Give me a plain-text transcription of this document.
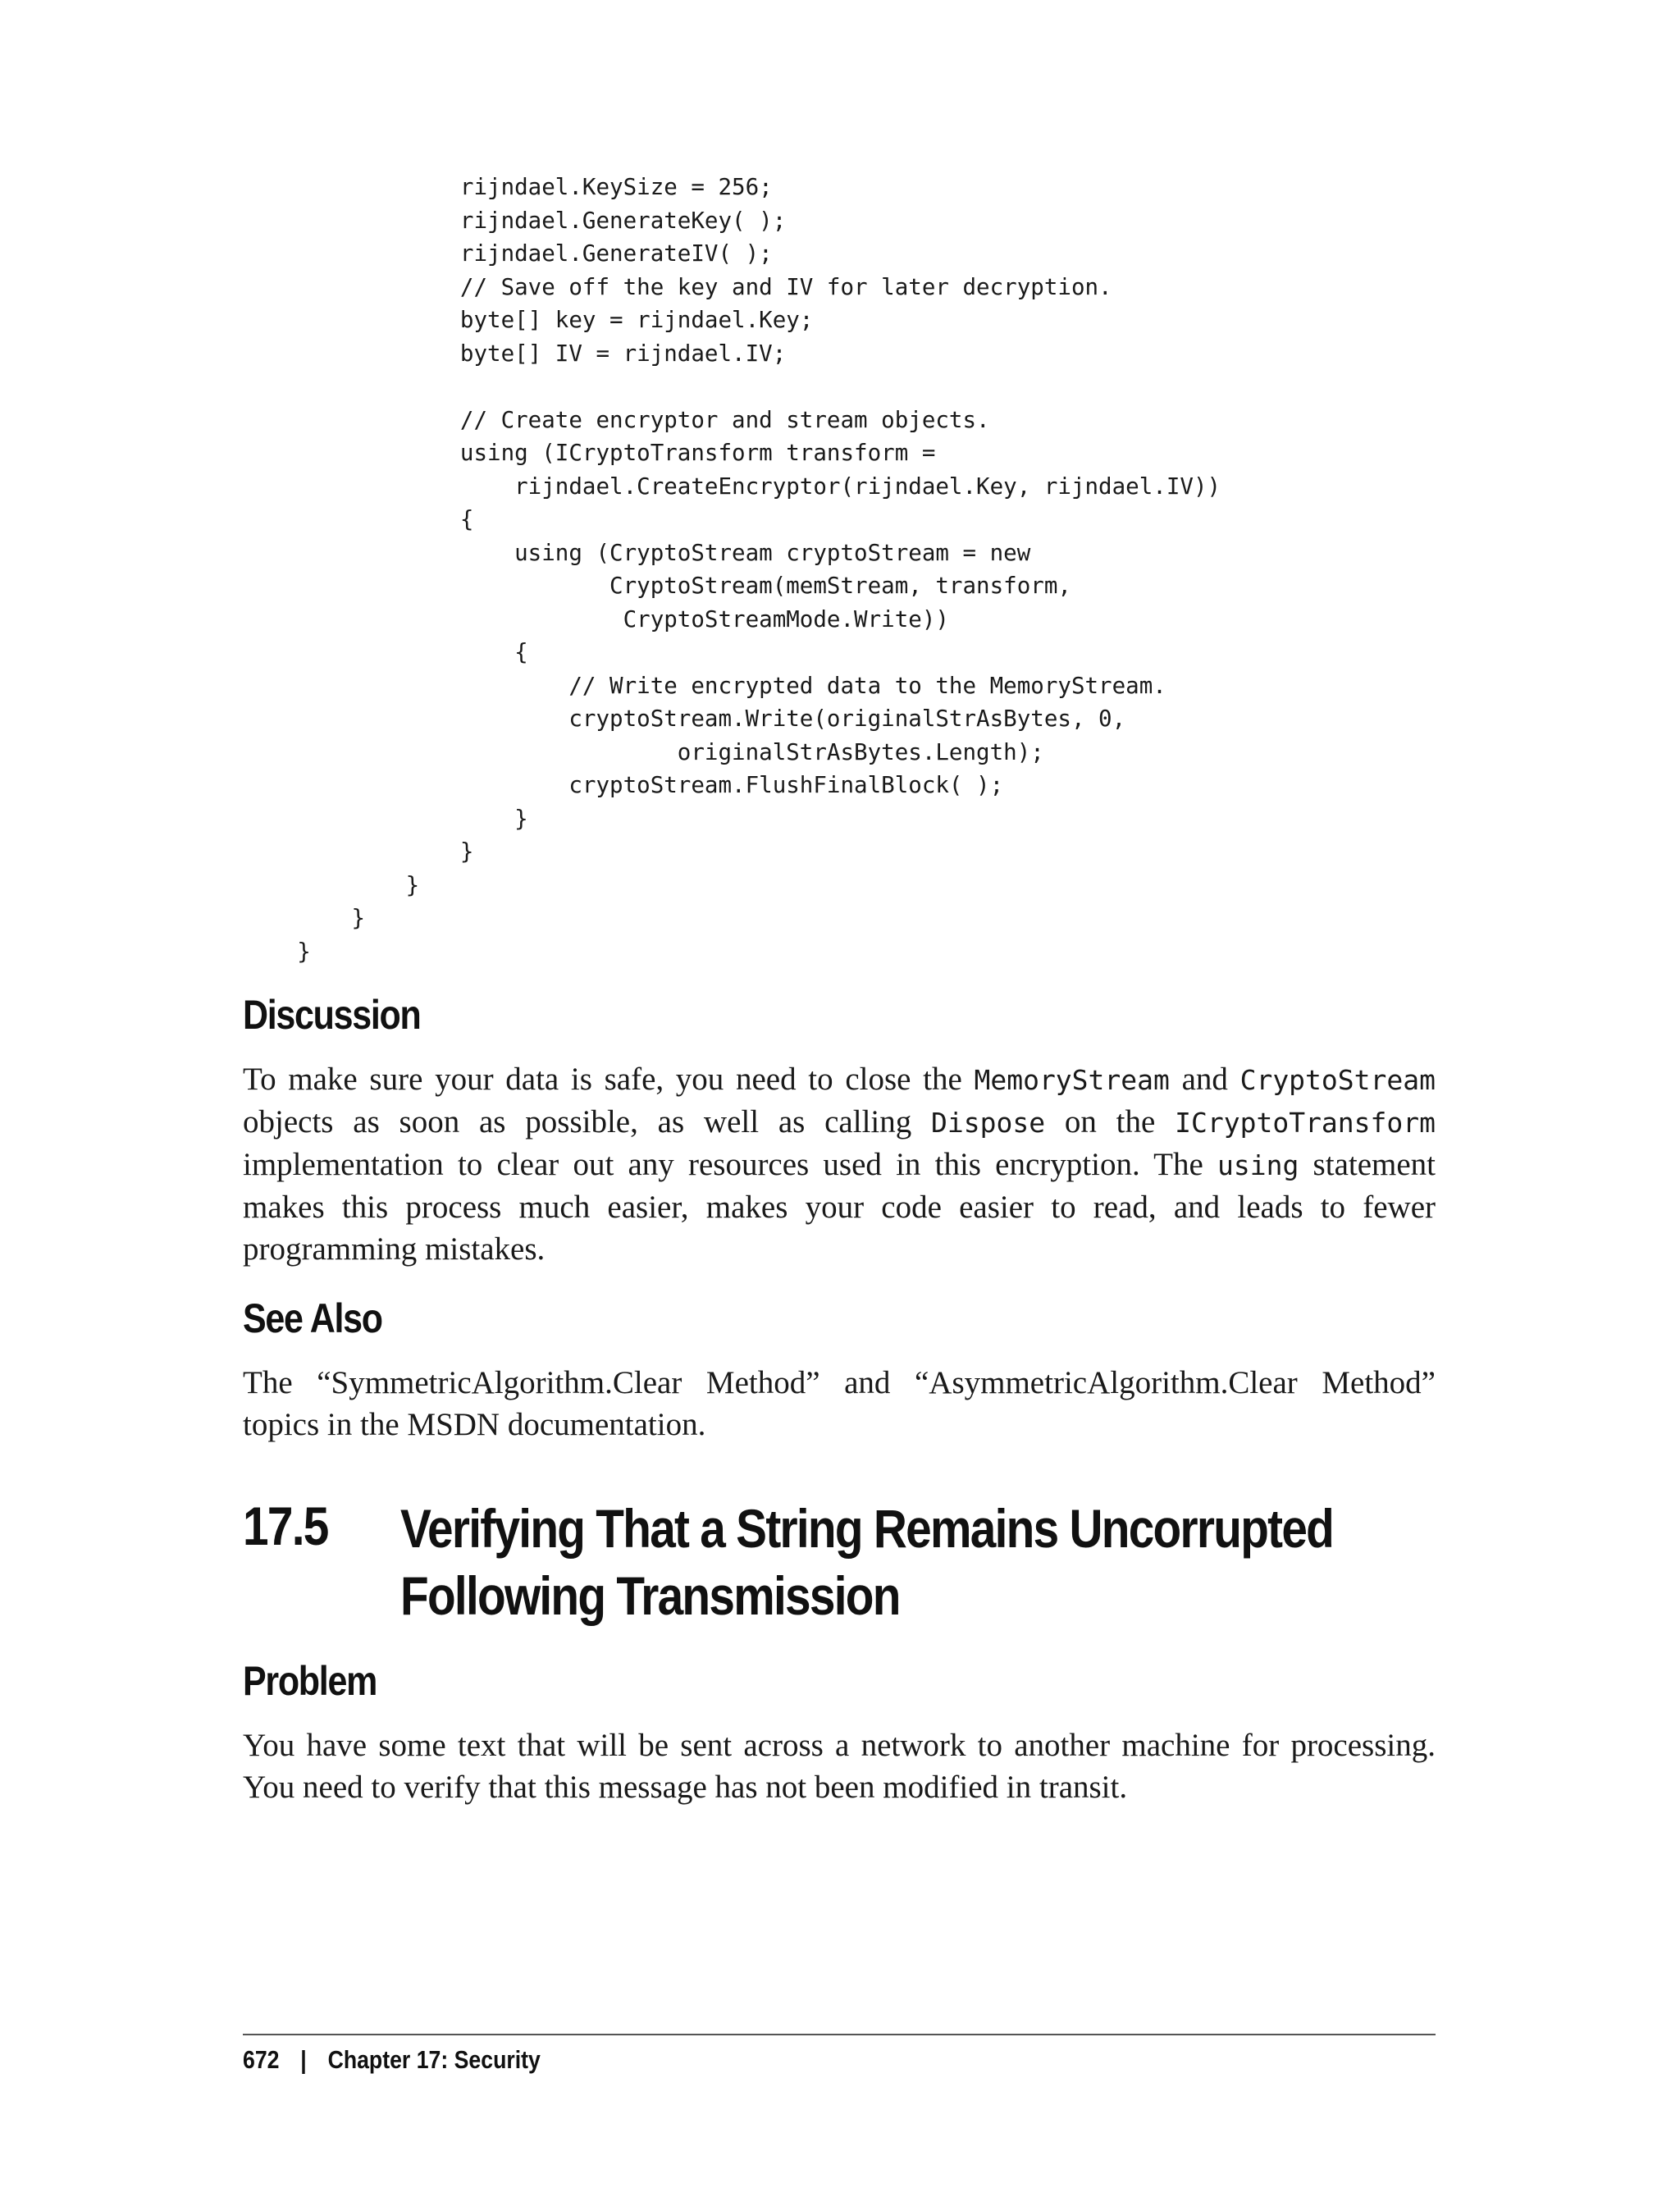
rijndael.KeySize = 256;
rijndael.GenerateKey( );
rijndael.GenerateIV( );
// Save off the key and IV for later decryption.
byte[] key = rijndael.Key;
byte[] IV = rijndael.IV;
// Create encryptor and stream objects.
using (ICryptoTransform transform =
rijndael.CreateEncryptor(rijndael.Key, rijndael.IV))
{
using (CryptoStream cryptoStream = new
CryptoStream(memStream, transform,
CryptoStreamMode.Write))
{
// Write encrypted data to the MemoryStream.
cryptoStream.Write(originalStrAsBytes, 0,
originalStrAsBytes.Length);
cryptoStream.FlushFinalBlock( );
}
}
}
}
}
Discussion

To make sure your data is safe, you need to close the MemoryStream and CryptoStream objects as soon as possible, as well as calling Dispose on the ICryptoTransform implementation to clear out any resources used in this encryption. The using statement makes this process much easier, makes your code easier to read, and leads to fewer programming mistakes.

See Also

The “SymmetricAlgorithm.Clear Method” and “AsymmetricAlgorithm.Clear Method” topics in the MSDN documentation.

17.5 Verifying That a String Remains Uncorrupted Following Transmission
Problem

You have some text that will be sent across a network to another machine for processing. You need to verify that this message has not been modified in transit.

672 | Chapter 17: Security
